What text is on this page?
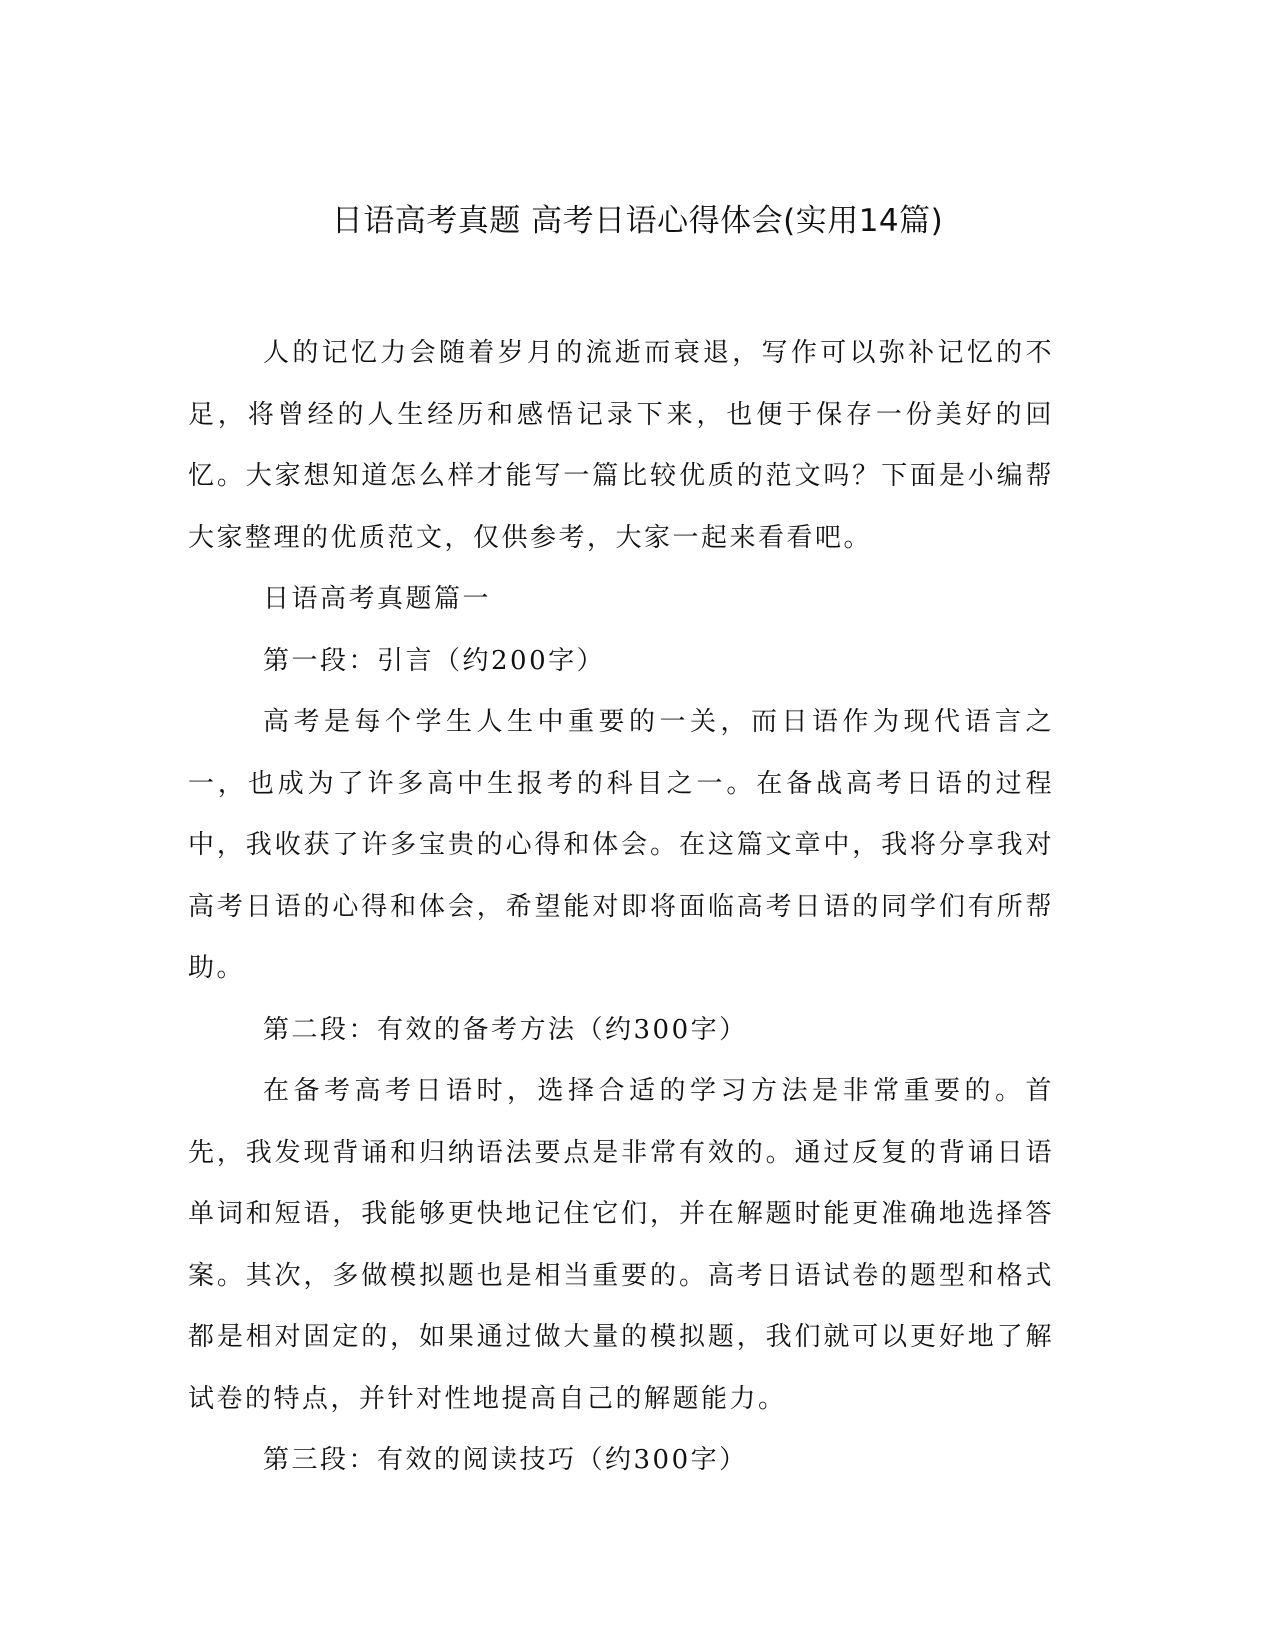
日语高考真题 高考日语心得体会(实用14篇)

人的记忆力会随着岁月的流逝而衰退，写作可以弥补记忆的不足，将曾经的人生经历和感悟记录下来，也便于保存一份美好的回忆。大家想知道怎么样才能写一篇比较优质的范文吗？下面是小编帮大家整理的优质范文，仅供参考，大家一起来看看吧。

日语高考真题篇一

第一段：引言（约200字）

高考是每个学生人生中重要的一关，而日语作为现代语言之一，也成为了许多高中生报考的科目之一。在备战高考日语的过程中，我收获了许多宝贵的心得和体会。在这篇文章中，我将分享我对高考日语的心得和体会，希望能对即将面临高考日语的同学们有所帮助。

第二段：有效的备考方法（约300字）

在备考高考日语时，选择合适的学习方法是非常重要的。首先，我发现背诵和归纳语法要点是非常有效的。通过反复的背诵日语单词和短语，我能够更快地记住它们，并在解题时能更准确地选择答案。其次，多做模拟题也是相当重要的。高考日语试卷的题型和格式都是相对固定的，如果通过做大量的模拟题，我们就可以更好地了解试卷的特点，并针对性地提高自己的解题能力。

第三段：有效的阅读技巧（约300字）
